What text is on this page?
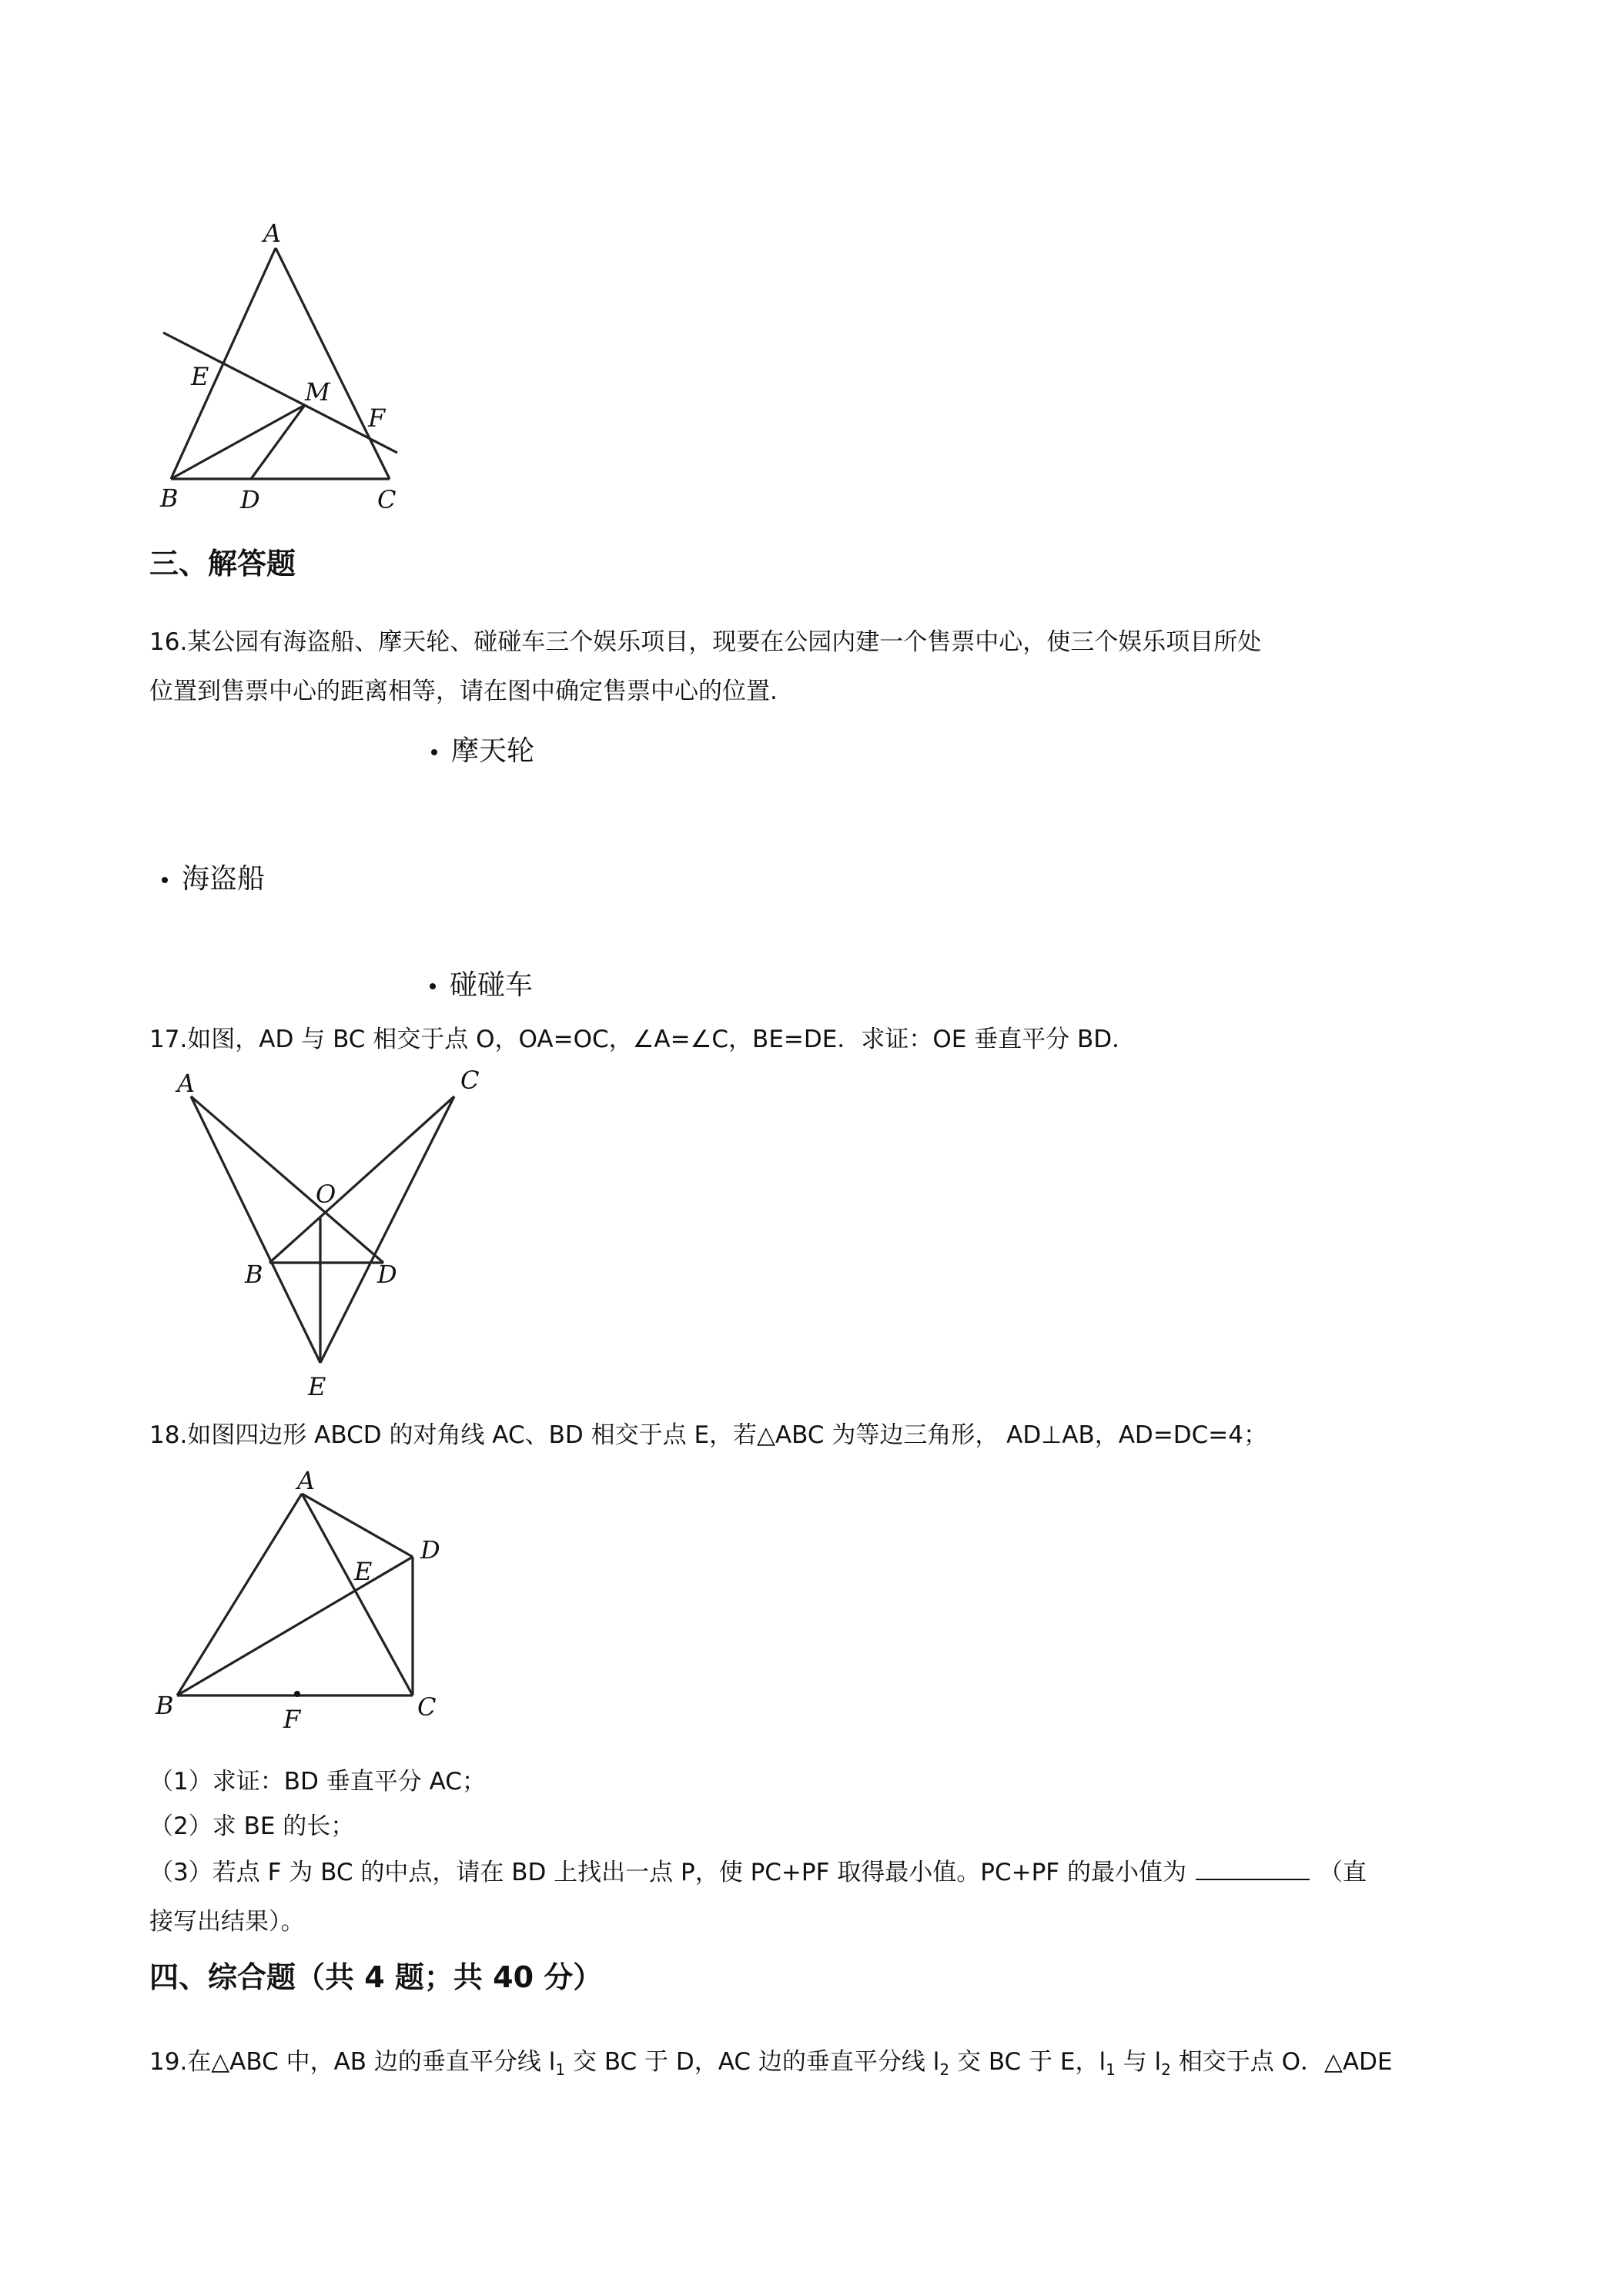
A
E
M
F
B	D	C
三、解答题
16.某公园有海盗船、摩天轮、碰碰车三个娱乐项目，现要在公园内建一个售票中心，使三个娱乐项目所处
位置到售票中心的距离相等，请在图中确定售票中心的位置.
摩天轮
海盗船
碰碰车
17.如图，AD 与 BC 相交于点 O，OA=OC，∠A=∠C，BE=DE．求证：OE 垂直平分 BD．
A	C
O
B	D
E
18.如图四边形 ABCD 的对角线 AC、BD 相交于点 E，若△ABC 为等边三角形， AD⊥AB，AD=DC=4；
A
D
E
B	C
F
（1）求证：BD 垂直平分 AC；
（2）求 BE 的长；
（3）若点 F 为 BC 的中点，请在 BD 上找出一点 P，使 PC+PF 取得最小值。PC+PF 的最小值为	（直
接写出结果）。
四、综合题（共 4 题；共 40 分）
19.在△ABC 中，AB 边的垂直平分线 $l_1$ 交 BC 于 D，AC 边的垂直平分线 $l_2$ 交 BC 于 E，$l_1$ 与 $l_2$ 相交于点 O．△ADE
